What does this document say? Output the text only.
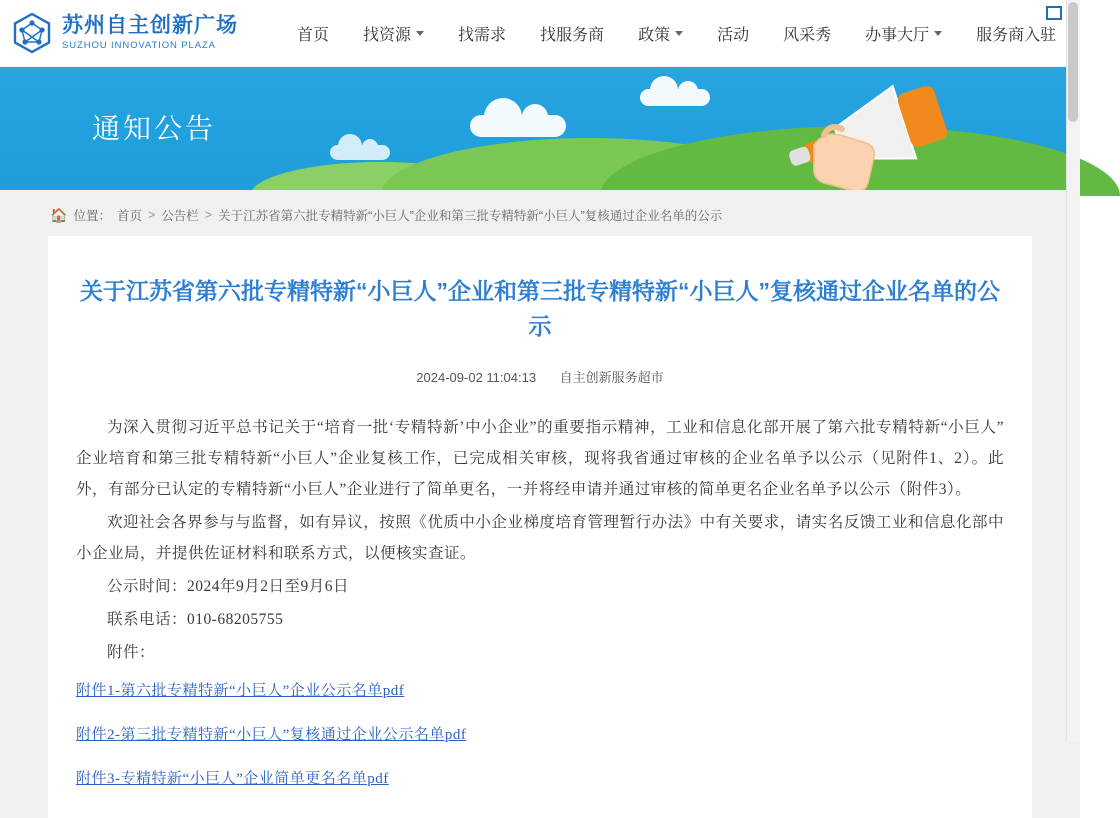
苏州自主创新广场
SUZHOU INNOVATION PLAZA
首页 找资源	找需求 找服务商 政策	活动 风采秀 办事大厅	服务商入驻
通知公告
🏠 位置： 首页 > 公告栏 > 关于江苏省第六批专精特新“小巨人”企业和第三批专精特新“小巨人”复核通过企业名单的公示
关于江苏省第六批专精特新“小巨人”企业和第三批专精特新“小巨人”复核通过企业名单的公示
2024-09-02 11:04:13 自主创新服务超市

为深入贯彻习近平总书记关于“培育一批‘专精特新’中小企业”的重要指示精神，工业和信息化部开展了第六批专精特新“小巨人”企业培育和第三批专精特新“小巨人”企业复核工作，已完成相关审核，现将我省通过审核的企业名单予以公示（见附件1、2）。此外，有部分已认定的专精特新“小巨人”企业进行了简单更名，一并将经申请并通过审核的简单更名企业名单予以公示（附件3）。

欢迎社会各界参与与监督，如有异议，按照《优质中小企业梯度培育管理暂行办法》中有关要求，请实名反馈工业和信息化部中小企业局，并提供佐证材料和联系方式，以便核实查证。

公示时间：2024年9月2日至9月6日

联系电话：010-68205755

附件：

附件1-第六批专精特新“小巨人”企业公示名单pdf
附件2-第三批专精特新“小巨人”复核通过企业公示名单pdf
附件3-专精特新“小巨人”企业简单更名名单pdf
